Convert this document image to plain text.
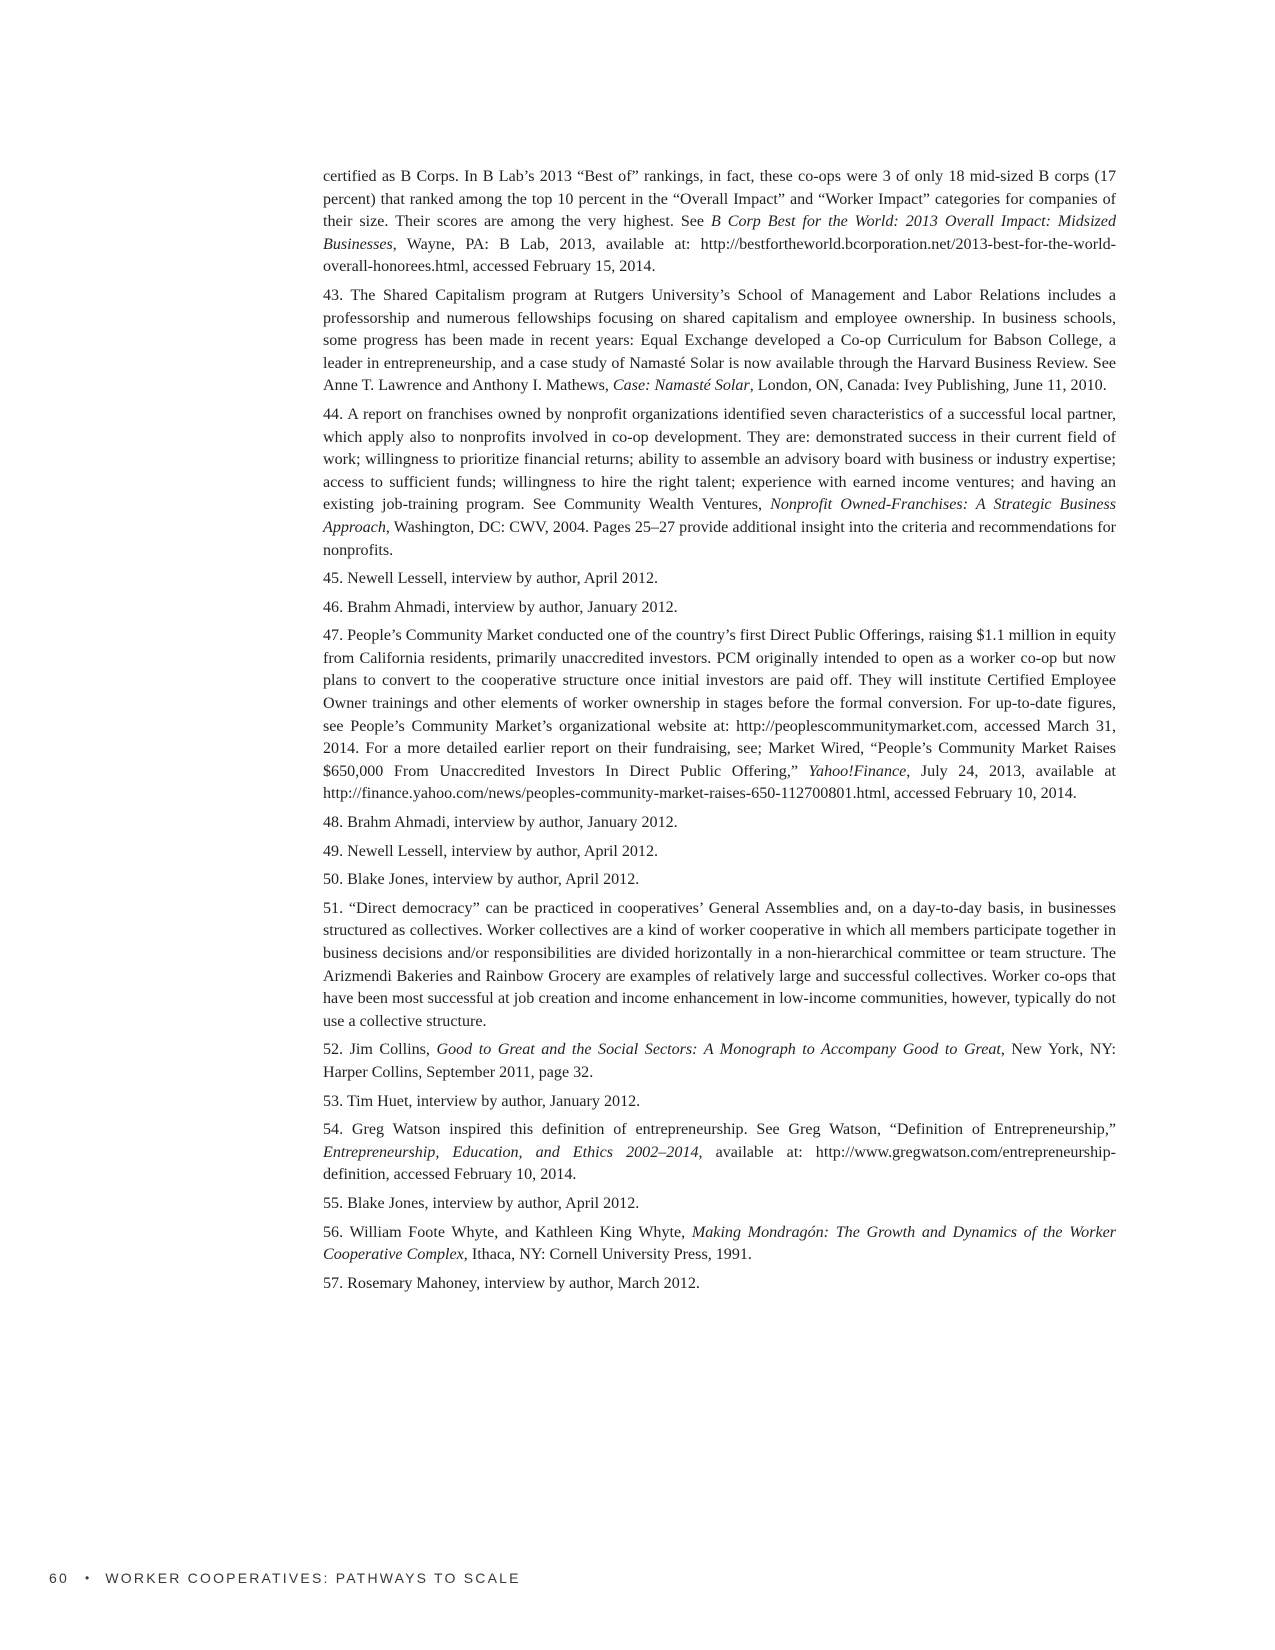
certified as B Corps. In B Lab’s 2013 “Best of” rankings, in fact, these co-ops were 3 of only 18 mid-sized B corps (17 percent) that ranked among the top 10 percent in the “Overall Impact” and “Worker Impact” categories for companies of their size. Their scores are among the very highest. See B Corp Best for the World: 2013 Overall Impact: Midsized Businesses, Wayne, PA: B Lab, 2013, available at: http://bestfortheworld.bcorporation.net/2013-best-for-the-world-overall-honorees.html, accessed February 15, 2014.

43. The Shared Capitalism program at Rutgers University’s School of Management and Labor Relations includes a professorship and numerous fellowships focusing on shared capitalism and employee ownership. In business schools, some progress has been made in recent years: Equal Exchange developed a Co-op Curriculum for Babson College, a leader in entrepreneurship, and a case study of Namasté Solar is now available through the Harvard Business Review. See Anne T. Lawrence and Anthony I. Mathews, Case: Namasté Solar, London, ON, Canada: Ivey Publishing, June 11, 2010.

44. A report on franchises owned by nonprofit organizations identified seven characteristics of a successful local partner, which apply also to nonprofits involved in co-op development. They are: demonstrated success in their current field of work; willingness to prioritize financial returns; ability to assemble an advisory board with business or industry expertise; access to sufficient funds; willingness to hire the right talent; experience with earned income ventures; and having an existing job-training program. See Community Wealth Ventures, Nonprofit Owned-Franchises: A Strategic Business Approach, Washington, DC: CWV, 2004. Pages 25–27 provide additional insight into the criteria and recommendations for nonprofits.

45. Newell Lessell, interview by author, April 2012.

46. Brahm Ahmadi, interview by author, January 2012.

47. People’s Community Market conducted one of the country’s first Direct Public Offerings, raising $1.1 million in equity from California residents, primarily unaccredited investors. PCM originally intended to open as a worker co-op but now plans to convert to the cooperative structure once initial investors are paid off. They will institute Certified Employee Owner trainings and other elements of worker ownership in stages before the formal conversion. For up-to-date figures, see People’s Community Market’s organizational website at: http://peoplescommunitymarket.com, accessed March 31, 2014. For a more detailed earlier report on their fundraising, see; Market Wired, “People’s Community Market Raises $650,000 From Unaccredited Investors In Direct Public Offering,” Yahoo!Finance, July 24, 2013, available at http://finance.yahoo.com/news/peoples-community-market-raises-650-112700801.html, accessed February 10, 2014.

48. Brahm Ahmadi, interview by author, January 2012.

49. Newell Lessell, interview by author, April 2012.

50. Blake Jones, interview by author, April 2012.

51. “Direct democracy” can be practiced in cooperatives’ General Assemblies and, on a day-to-day basis, in businesses structured as collectives. Worker collectives are a kind of worker cooperative in which all members participate together in business decisions and/or responsibilities are divided horizontally in a non-hierarchical committee or team structure. The Arizmendi Bakeries and Rainbow Grocery are examples of relatively large and successful collectives. Worker co-ops that have been most successful at job creation and income enhancement in low-income communities, however, typically do not use a collective structure.

52. Jim Collins, Good to Great and the Social Sectors: A Monograph to Accompany Good to Great, New York, NY: Harper Collins, September 2011, page 32.

53. Tim Huet, interview by author, January 2012.

54. Greg Watson inspired this definition of entrepreneurship. See Greg Watson, “Definition of Entrepreneurship,” Entrepreneurship, Education, and Ethics 2002–2014, available at: http://www.gregwatson.com/entrepreneurship-definition, accessed February 10, 2014.

55. Blake Jones, interview by author, April 2012.

56. William Foote Whyte, and Kathleen King Whyte, Making Mondragón: The Growth and Dynamics of the Worker Cooperative Complex, Ithaca, NY: Cornell University Press, 1991.

57. Rosemary Mahoney, interview by author, March 2012.

60 • WORKER COOPERATIVES: PATHWAYS TO SCALE
